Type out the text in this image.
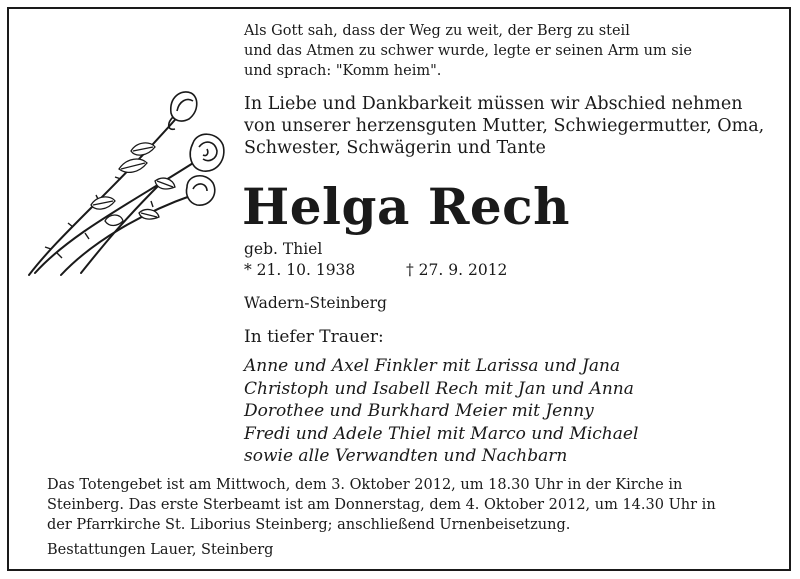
Als Gott sah, dass der Weg zu weit, der Berg zu steil
und das Atmen zu schwer wurde, legte er seinen Arm um sie
und sprach: "Komm heim".
In Liebe und Dankbarkeit müssen wir Abschied nehmen
von unserer herzensguten Mutter, Schwiegermutter, Oma,
Schwester, Schwägerin und Tante
Helga Rech
geb. Thiel
* 21. 10. 1938	† 27. 9. 2012
Wadern-Steinberg
In tiefer Trauer:
Anne und Axel Finkler mit Larissa und Jana
Christoph und Isabell Rech mit Jan und Anna
Dorothee und Burkhard Meier mit Jenny
Fredi und Adele Thiel mit Marco und Michael
sowie alle Verwandten und Nachbarn
Das Totengebet ist am Mittwoch, dem 3. Oktober 2012, um 18.30 Uhr in der Kirche in
Steinberg. Das erste Sterbeamt ist am Donnerstag, dem 4. Oktober 2012, um 14.30 Uhr in
der Pfarrkirche St. Liborius Steinberg; anschließend Urnenbeisetzung.
Bestattungen Lauer, Steinberg
